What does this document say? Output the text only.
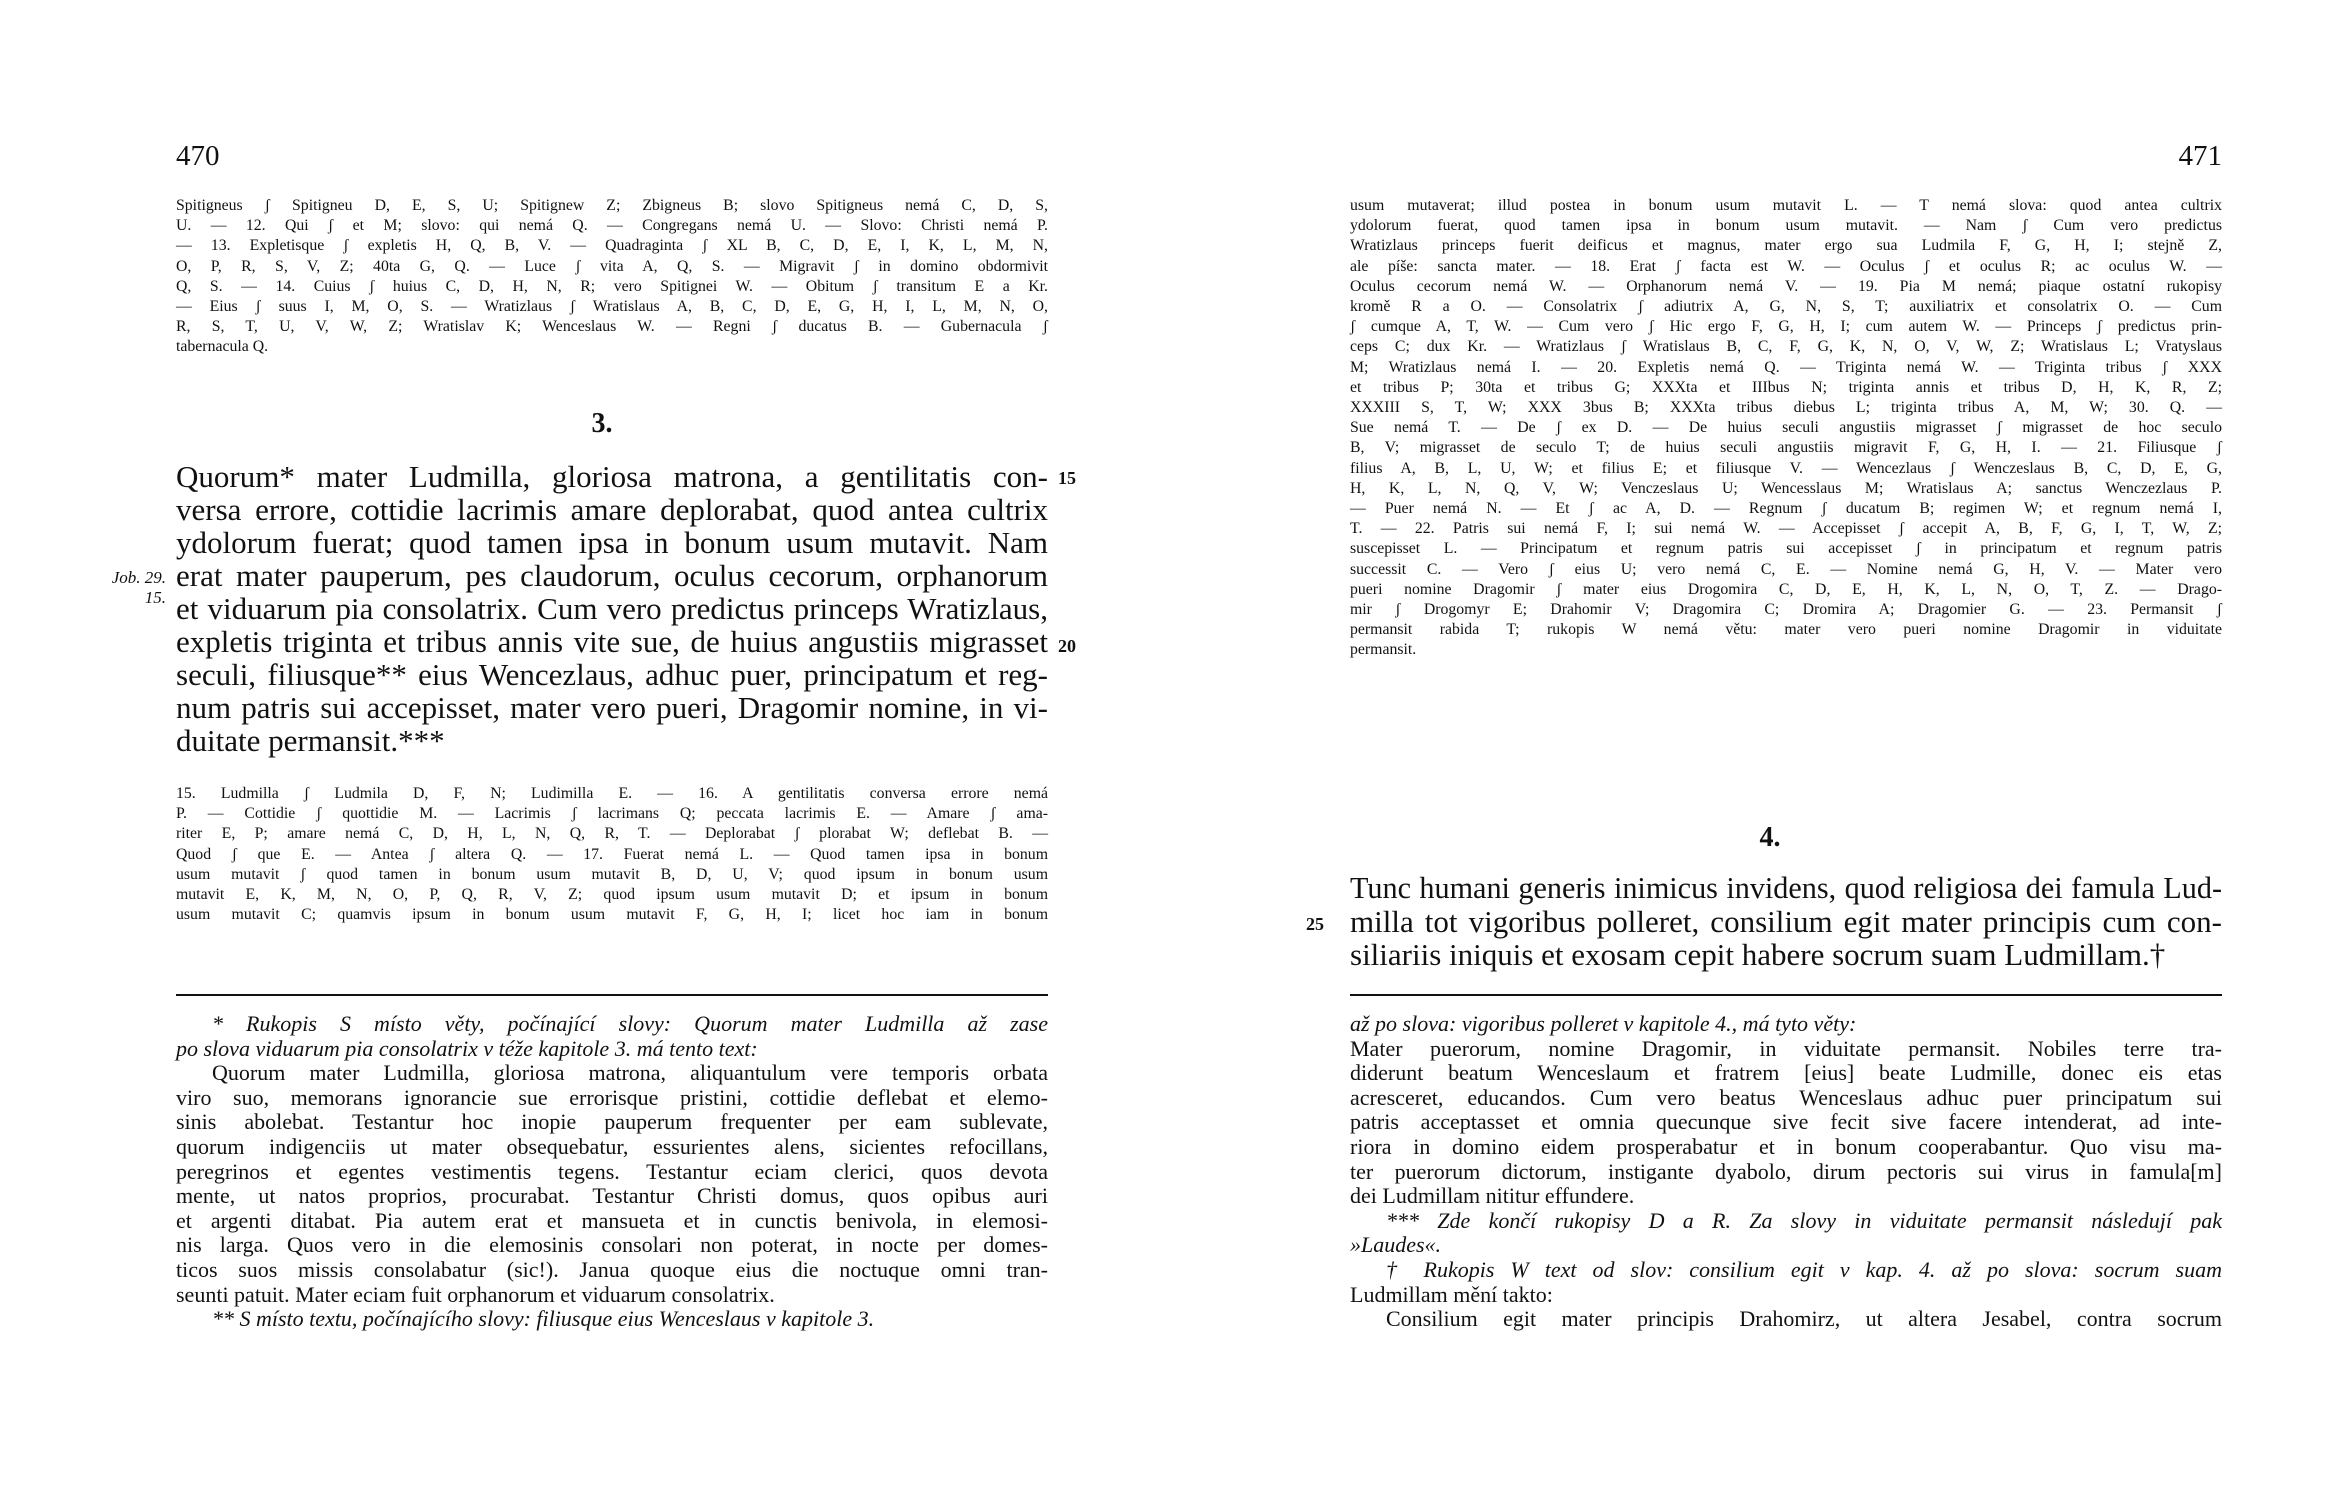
470
Spitigneus ʃ Spitigneu D, E, S, U; Spitignew Z; Zbigneus B; slovo Spitigneus nemá C, D, S,
U. — 12. Qui ʃ et M; slovo: qui nemá Q. — Congregans nemá U. — Slovo: Christi nemá P.
— 13. Expletisque ʃ expletis H, Q, B, V. — Quadraginta ʃ XL B, C, D, E, I, K, L, M, N,
O, P, R, S, V, Z; 40ta G, Q. — Luce ʃ vita A, Q, S. — Migravit ʃ in domino obdormivit
Q, S. — 14. Cuius ʃ huius C, D, H, N, R; vero Spitignei W. — Obitum ʃ transitum E a Kr.
— Eius ʃ suus I, M, O, S. — Wratizlaus ʃ Wratislaus A, B, C, D, E, G, H, I, L, M, N, O,
R, S, T, U, V, W, Z; Wratislav K; Wenceslaus W. — Regni ʃ ducatus B. — Gubernacula ʃ
tabernacula Q.
3.
Quorum* mater Ludmilla, gloriosa matrona, a gentilitatis con-
versa errore, cottidie lacrimis amare deplorabat, quod antea cultrix
ydolorum fuerat; quod tamen ipsa in bonum usum mutavit. Nam
erat mater pauperum, pes claudorum, oculus cecorum, orphanorum
et viduarum pia consolatrix. Cum vero predictus princeps Wratizlaus,
expletis triginta et tribus annis vite sue, de huius angustiis migrasset
seculi, filiusque** eius Wencezlaus, adhuc puer, principatum et reg-
num patris sui accepisset, mater vero pueri, Dragomir nomine, in vi-
duitate permansit.***
15
20
Job. 29.
15.
15. Ludmilla ʃ Ludmila D, F, N; Ludimilla E. — 16. A gentilitatis conversa errore nemá
P. — Cottidie ʃ quottidie M. — Lacrimis ʃ lacrimans Q; peccata lacrimis E. — Amare ʃ ama-
riter E, P; amare nemá C, D, H, L, N, Q, R, T. — Deplorabat ʃ plorabat W; deflebat B. —
Quod ʃ que E. — Antea ʃ altera Q. — 17. Fuerat nemá L. — Quod tamen ipsa in bonum
usum mutavit ʃ quod tamen in bonum usum mutavit B, D, U, V; quod ipsum in bonum usum
mutavit E, K, M, N, O, P, Q, R, V, Z; quod ipsum usum mutavit D; et ipsum in bonum
usum mutavit C; quamvis ipsum in bonum usum mutavit F, G, H, I; licet hoc iam in bonum
* Rukopis S místo věty, počínající slovy: Quorum mater Ludmilla až zase
po slova viduarum pia consolatrix v téže kapitole 3. má tento text:
Quorum mater Ludmilla, gloriosa matrona, aliquantulum vere temporis orbata
viro suo, memorans ignorancie sue errorisque pristini, cottidie deflebat et elemo-
sinis abolebat. Testantur hoc inopie pauperum frequenter per eam sublevate,
quorum indigenciis ut mater obsequebatur, essurientes alens, sicientes refocillans,
peregrinos et egentes vestimentis tegens. Testantur eciam clerici, quos devota
mente, ut natos proprios, procurabat. Testantur Christi domus, quos opibus auri
et argenti ditabat. Pia autem erat et mansueta et in cunctis benivola, in elemosi-
nis larga. Quos vero in die elemosinis consolari non poterat, in nocte per domes-
ticos suos missis consolabatur (sic!). Janua quoque eius die noctuque omni tran-
seunti patuit. Mater eciam fuit orphanorum et viduarum consolatrix.
** S místo textu, počínajícího slovy: filiusque eius Wenceslaus v kapitole 3.
471
usum mutaverat; illud postea in bonum usum mutavit L. — T nemá slova: quod antea cultrix
ydolorum fuerat, quod tamen ipsa in bonum usum mutavit. — Nam ʃ Cum vero predictus
Wratizlaus princeps fuerit deificus et magnus, mater ergo sua Ludmila F, G, H, I; stejně Z,
ale píše: sancta mater. — 18. Erat ʃ facta est W. — Oculus ʃ et oculus R; ac oculus W. —
Oculus cecorum nemá W. — Orphanorum nemá V. — 19. Pia M nemá; piaque ostatní rukopisy
kromě R a O. — Consolatrix ʃ adiutrix A, G, N, S, T; auxiliatrix et consolatrix O. — Cum
ʃ cumque A, T, W. — Cum vero ʃ Hic ergo F, G, H, I; cum autem W. — Princeps ʃ predictus prin-
ceps C; dux Kr. — Wratizlaus ʃ Wratislaus B, C, F, G, K, N, O, V, W, Z; Wratislaus L; Vratyslaus
M; Wratizlaus nemá I. — 20. Expletis nemá Q. — Triginta nemá W. — Triginta tribus ʃ XXX
et tribus P; 30ta et tribus G; XXXta et IIIbus N; triginta annis et tribus D, H, K, R, Z;
XXXIII S, T, W; XXX 3bus B; XXXta tribus diebus L; triginta tribus A, M, W; 30. Q. —
Sue nemá T. — De ʃ ex D. — De huius seculi angustiis migrasset ʃ migrasset de hoc seculo
B, V; migrasset de seculo T; de huius seculi angustiis migravit F, G, H, I. — 21. Filiusque ʃ
filius A, B, L, U, W; et filius E; et filiusque V. — Wencezlaus ʃ Wenczeslaus B, C, D, E, G,
H, K, L, N, Q, V, W; Venczeslaus U; Wencesslaus M; Wratislaus A; sanctus Wenczezlaus P.
— Puer nemá N. — Et ʃ ac A, D. — Regnum ʃ ducatum B; regimen W; et regnum nemá I,
T. — 22. Patris sui nemá F, I; sui nemá W. — Accepisset ʃ accepit A, B, F, G, I, T, W, Z;
suscepisset L. — Principatum et regnum patris sui accepisset ʃ in principatum et regnum patris
successit C. — Vero ʃ eius U; vero nemá C, E. — Nomine nemá G, H, V. — Mater vero
pueri nomine Dragomir ʃ mater eius Drogomira C, D, E, H, K, L, N, O, T, Z. — Drago-
mir ʃ Drogomyr E; Drahomir V; Dragomira C; Dromira A; Dragomier G. — 23. Permansit ʃ
permansit rabida T; rukopis W nemá větu: mater vero pueri nomine Dragomir in viduitate
permansit.
4.
Tunc humani generis inimicus invidens, quod religiosa dei famula Lud-
milla tot vigoribus polleret, consilium egit mater principis cum con-
siliariis iniquis et exosam cepit habere socrum suam Ludmillam.†
25
až po slova: vigoribus polleret v kapitole 4., má tyto věty:
Mater puerorum, nomine Dragomir, in viduitate permansit. Nobiles terre tra-
diderunt beatum Wenceslaum et fratrem [eius] beate Ludmille, donec eis etas
acresceret, educandos. Cum vero beatus Wenceslaus adhuc puer principatum sui
patris acceptasset et omnia quecunque sive fecit sive facere intenderat, ad inte-
riora in domino eidem prosperabatur et in bonum cooperabantur. Quo visu ma-
ter puerorum dictorum, instigante dyabolo, dirum pectoris sui virus in famula[m]
dei Ludmillam nititur effundere.
*** Zde končí rukopisy D a R. Za slovy in viduitate permansit následují pak
»Laudes«.
† Rukopis W text od slov: consilium egit v kap. 4. až po slova: socrum suam
Ludmillam mění takto:
Consilium egit mater principis Drahomirz, ut altera Jesabel, contra socrum
